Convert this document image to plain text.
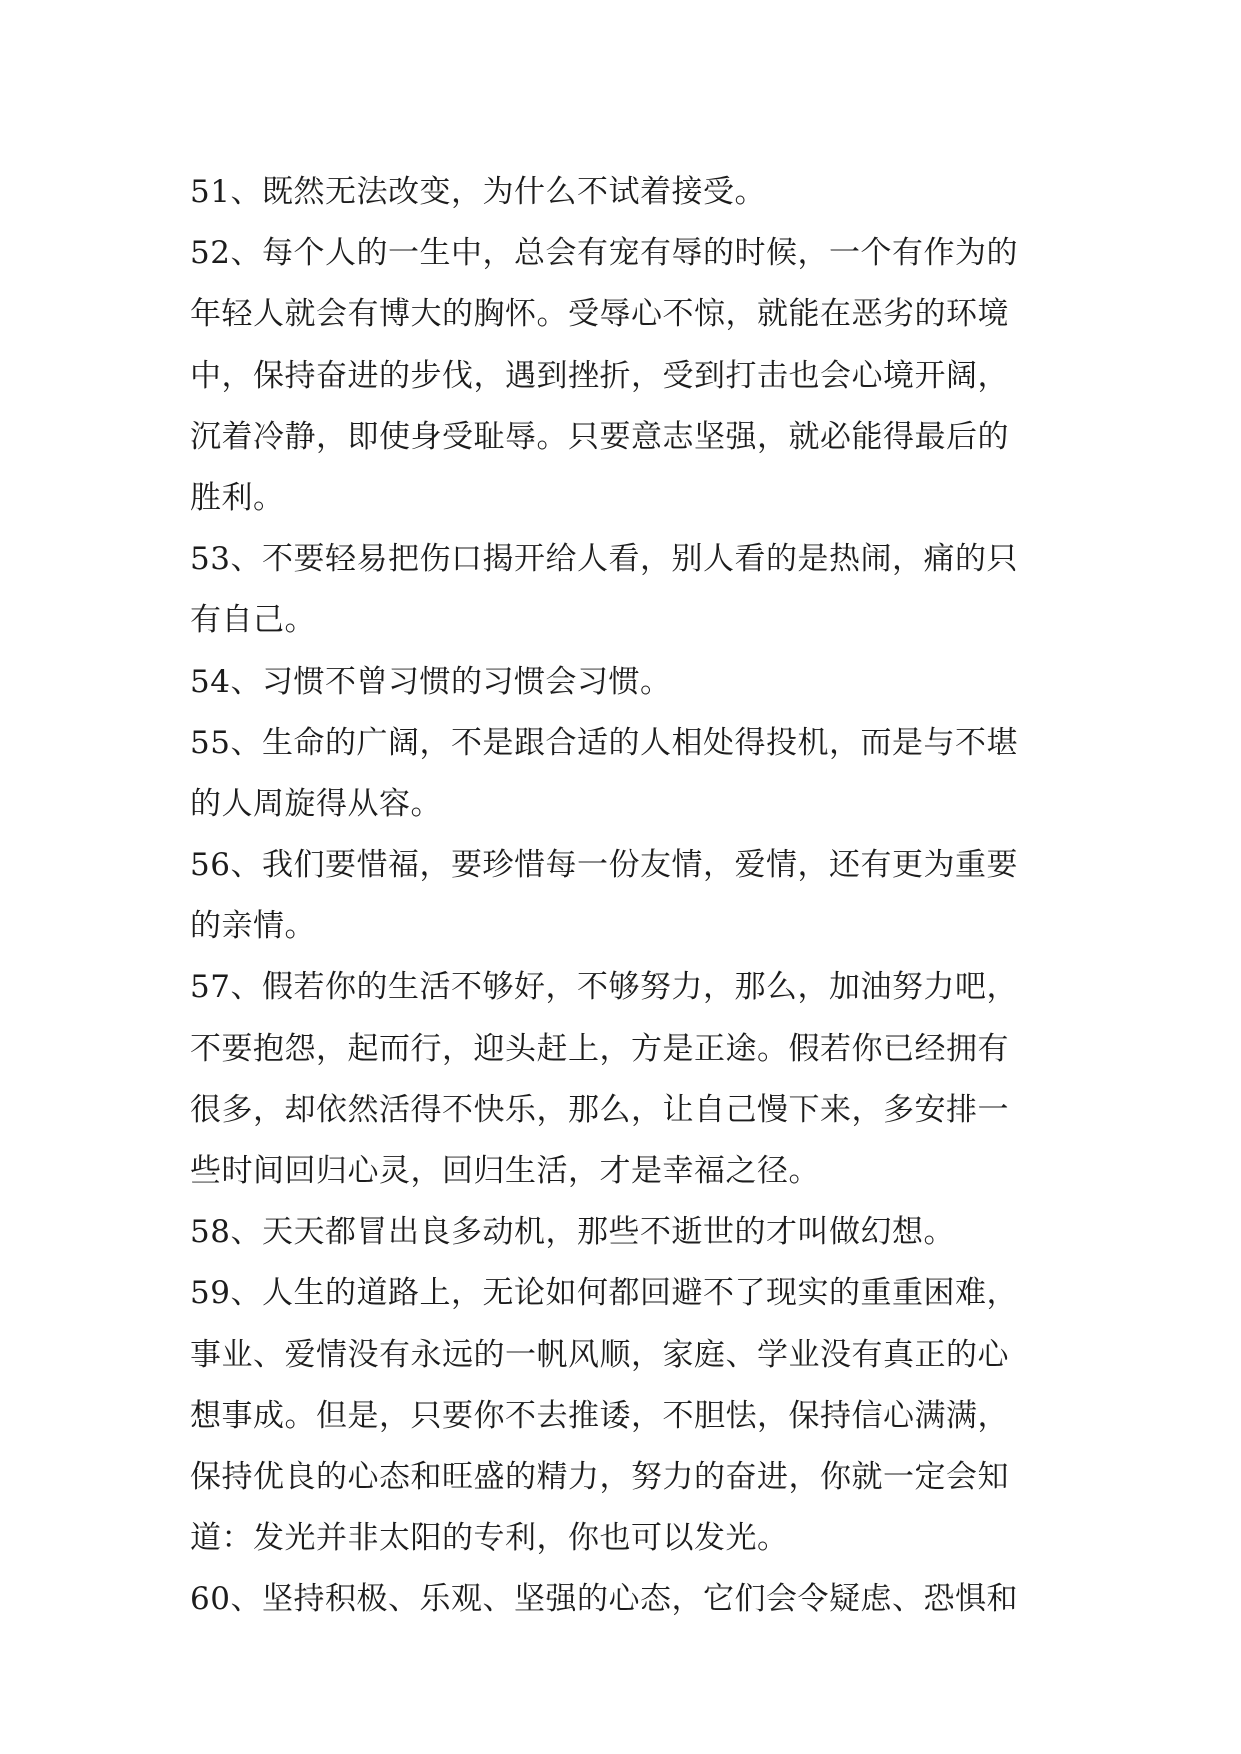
51、既然无法改变，为什么不试着接受。
52、每个人的一生中，总会有宠有辱的时候，一个有作为的
年轻人就会有博大的胸怀。受辱心不惊，就能在恶劣的环境
中，保持奋进的步伐，遇到挫折，受到打击也会心境开阔，
沉着冷静，即使身受耻辱。只要意志坚强，就必能得最后的
胜利。
53、不要轻易把伤口揭开给人看，别人看的是热闹，痛的只
有自己。
54、习惯不曾习惯的习惯会习惯。
55、生命的广阔，不是跟合适的人相处得投机，而是与不堪
的人周旋得从容。
56、我们要惜福，要珍惜每一份友情，爱情，还有更为重要
的亲情。
57、假若你的生活不够好，不够努力，那么，加油努力吧，
不要抱怨，起而行，迎头赶上，方是正途。假若你已经拥有
很多，却依然活得不快乐，那么，让自己慢下来，多安排一
些时间回归心灵，回归生活，才是幸福之径。
58、天天都冒出良多动机，那些不逝世的才叫做幻想。
59、人生的道路上，无论如何都回避不了现实的重重困难，
事业、爱情没有永远的一帆风顺，家庭、学业没有真正的心
想事成。但是，只要你不去推诿，不胆怯，保持信心满满，
保持优良的心态和旺盛的精力，努力的奋进，你就一定会知
道：发光并非太阳的专利，你也可以发光。
60、坚持积极、乐观、坚强的心态，它们会令疑虑、恐惧和
